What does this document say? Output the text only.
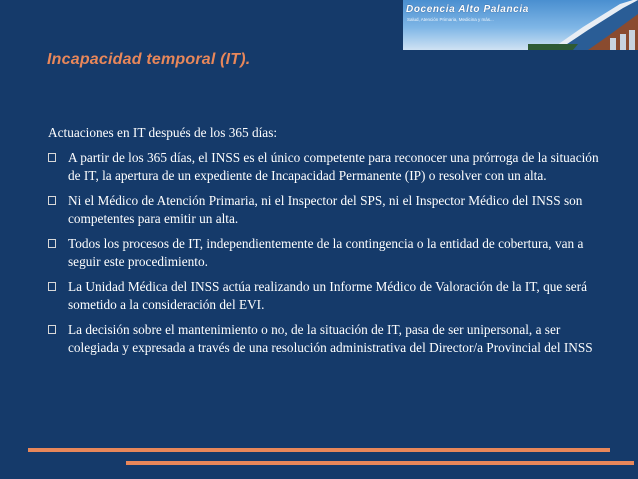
Docencia Alto Palancia
Salud, Atención Primaria, Medicina y más...
Incapacidad temporal (IT).

Actuaciones en IT después de los 365 días:

A partir de los 365 días, el INSS es el único competente para reconocer una prórroga de la situación de IT, la apertura de un expediente de Incapacidad Permanente (IP) o resolver con un alta.
Ni el Médico de Atención Primaria, ni el Inspector del SPS, ni el Inspector Médico del INSS son competentes para emitir un alta.
Todos los procesos de IT, independientemente de la contingencia o la entidad de cobertura, van a seguir este procedimiento.
La Unidad Médica del INSS actúa realizando un Informe Médico de Valoración de la IT, que será sometido a la consideración del EVI.
La decisión sobre el mantenimiento o no, de la situación de IT, pasa de ser unipersonal, a ser colegiada y expresada a través de una resolución administrativa del Director/a Provincial del INSS
